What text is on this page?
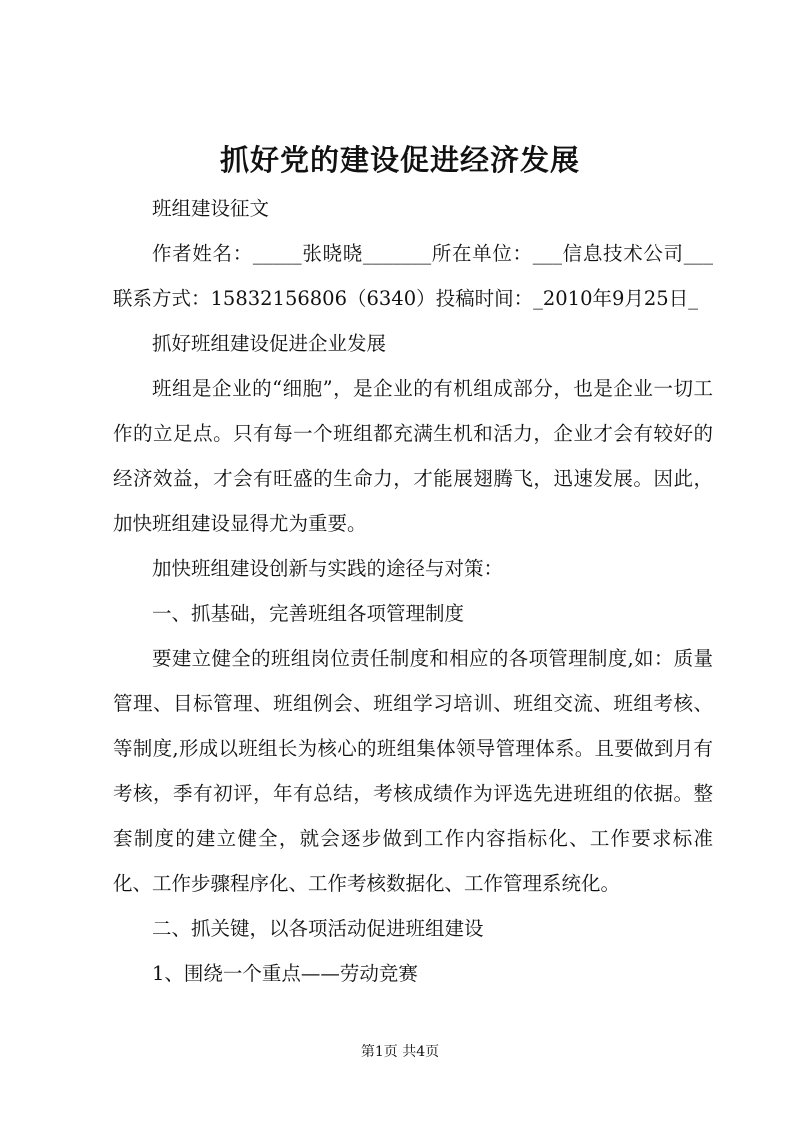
抓好党的建设促进经济发展

班组建设征文

作者姓名：_____张晓晓_______所在单位：___信息技术公司___联系方式：15832156806（6340）投稿时间：_2010年9月25日_

抓好班组建设促进企业发展

班组是企业的“细胞”，是企业的有机组成部分，也是企业一切工作的立足点。只有每一个班组都充满生机和活力，企业才会有较好的经济效益，才会有旺盛的生命力，才能展翅腾飞，迅速发展。因此，加快班组建设显得尤为重要。

加快班组建设创新与实践的途径与对策：

一、抓基础，完善班组各项管理制度

要建立健全的班组岗位责任制度和相应的各项管理制度,如：质量管理、目标管理、班组例会、班组学习培训、班组交流、班组考核、等制度,形成以班组长为核心的班组集体领导管理体系。且要做到月有考核，季有初评，年有总结，考核成绩作为评选先进班组的依据。整套制度的建立健全，就会逐步做到工作内容指标化、工作要求标准化、工作步骤程序化、工作考核数据化、工作管理系统化。

二、抓关键，以各项活动促进班组建设

1、围绕一个重点——劳动竞赛

第1页 共4页
